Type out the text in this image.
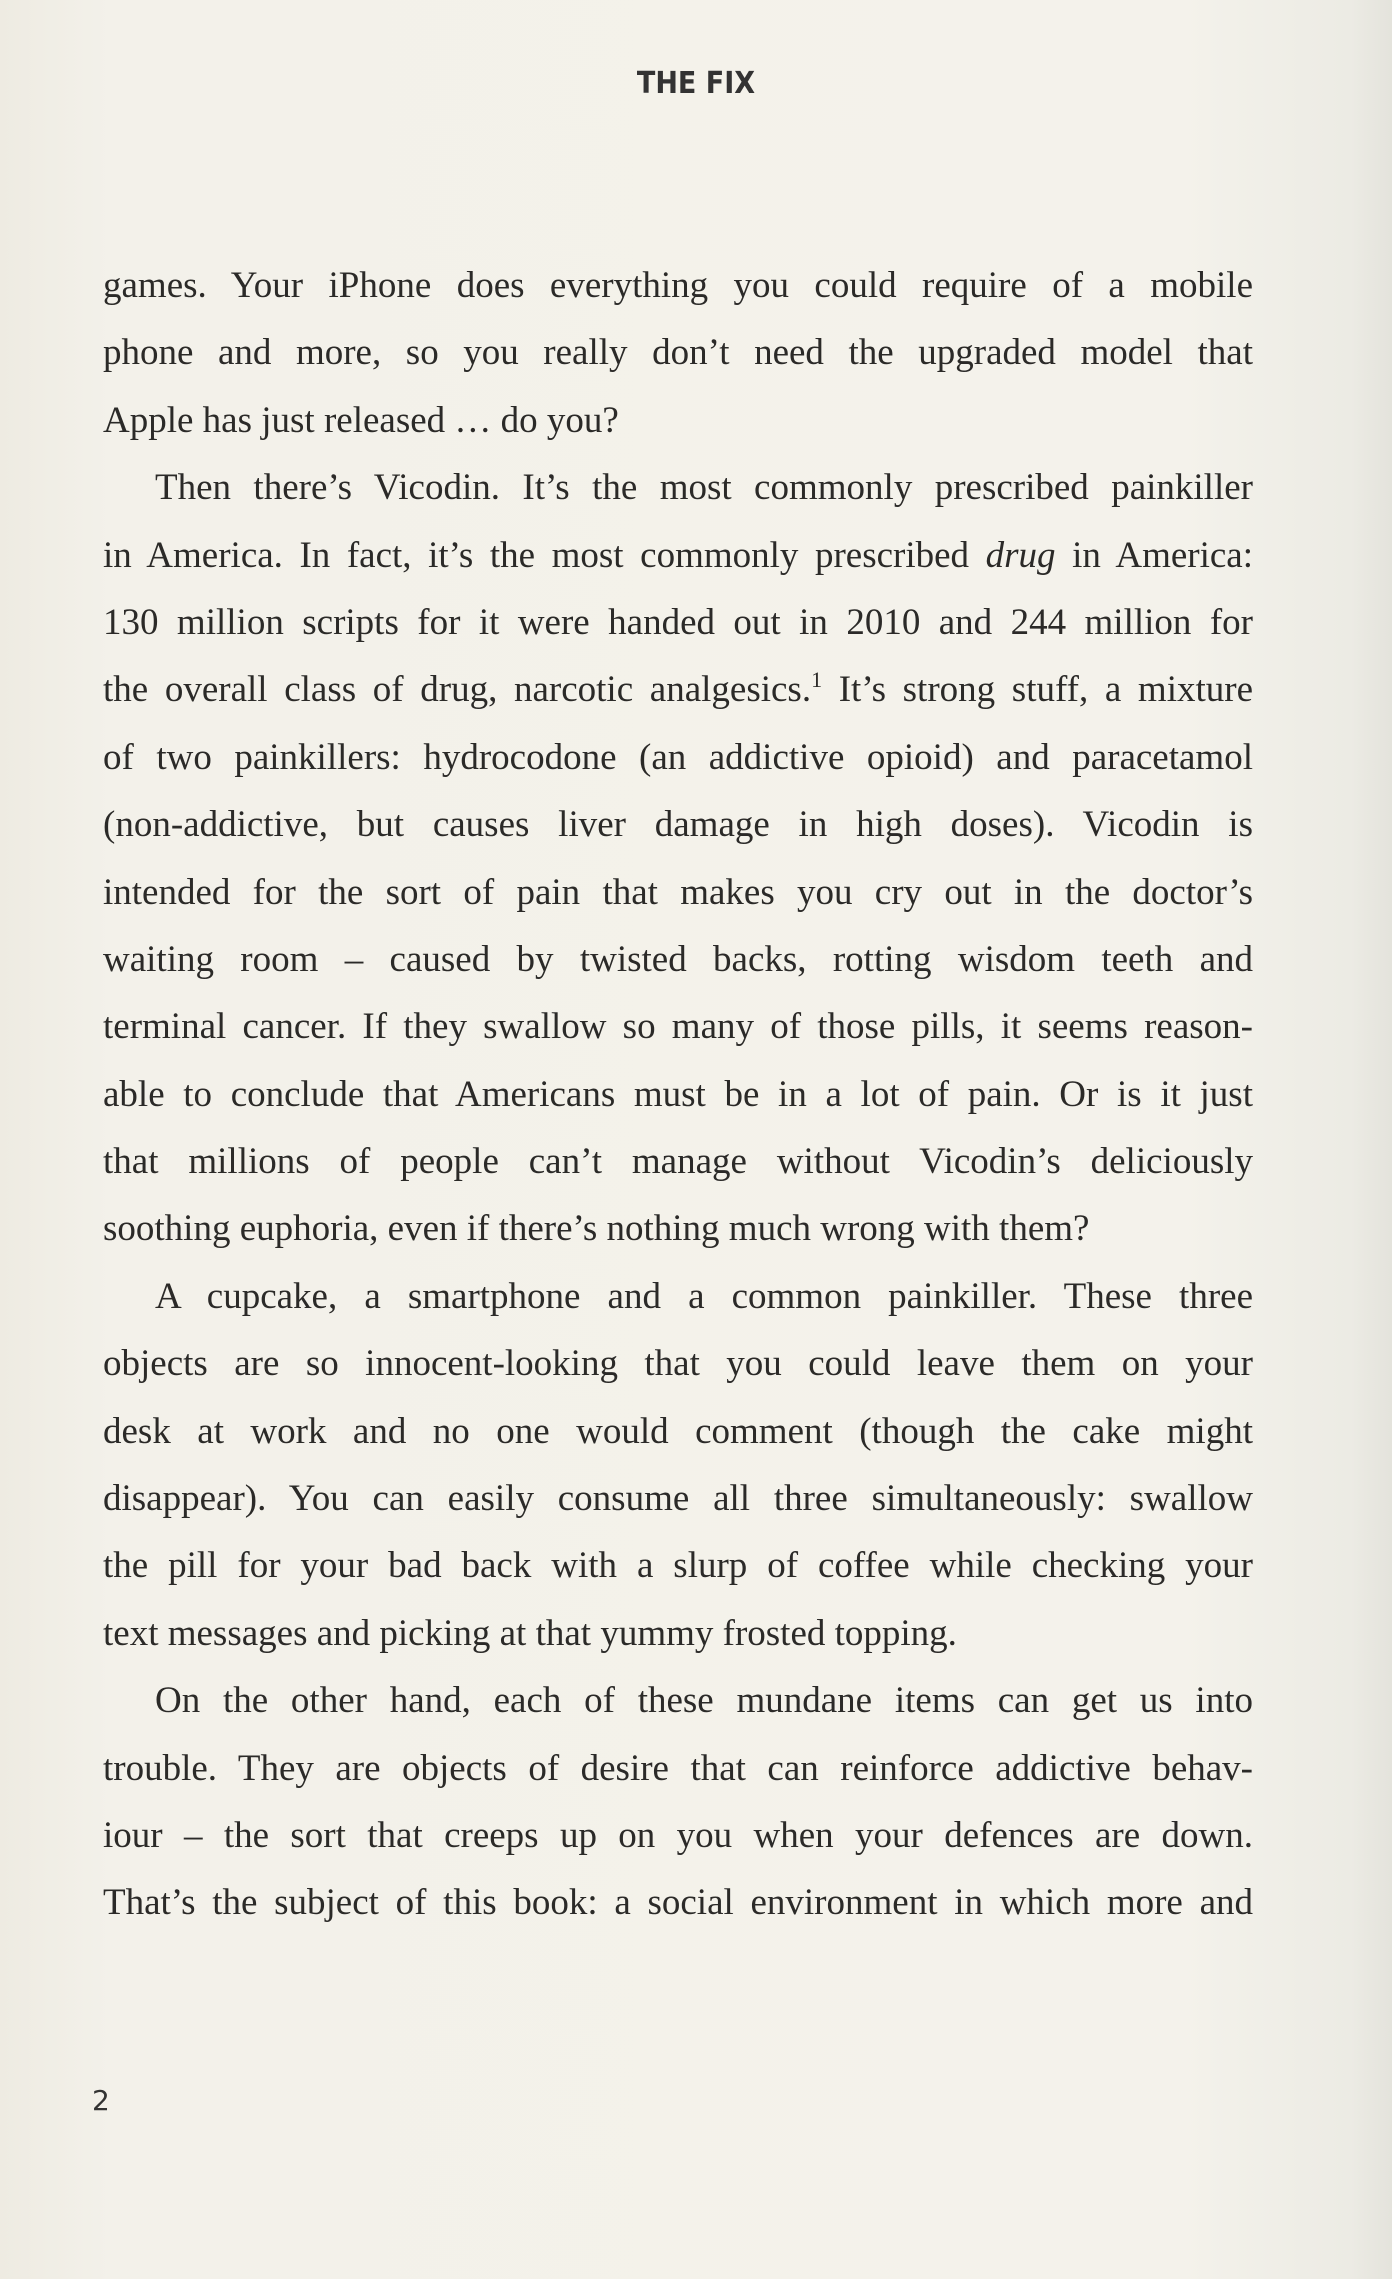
THE FIX
games. Your iPhone does everything you could require of a mobile
phone and more, so you really don’t need the upgraded model that
Apple has just released … do you?
Then there’s Vicodin. It’s the most commonly prescribed painkiller
in America. In fact, it’s the most commonly prescribed drug in America:
130 million scripts for it were handed out in 2010 and 244 million for
the overall class of drug, narcotic analgesics.$^1$ It’s strong stuff, a mixture
of two painkillers: hydrocodone (an addictive opioid) and paracetamol
(non-addictive, but causes liver damage in high doses). Vicodin is
intended for the sort of pain that makes you cry out in the doctor’s
waiting room – caused by twisted backs, rotting wisdom teeth and
terminal cancer. If they swallow so many of those pills, it seems reason-
able to conclude that Americans must be in a lot of pain. Or is it just
that millions of people can’t manage without Vicodin’s deliciously
soothing euphoria, even if there’s nothing much wrong with them?
A cupcake, a smartphone and a common painkiller. These three
objects are so innocent-looking that you could leave them on your
desk at work and no one would comment (though the cake might
disappear). You can easily consume all three simultaneously: swallow
the pill for your bad back with a slurp of coffee while checking your
text messages and picking at that yummy frosted topping.
On the other hand, each of these mundane items can get us into
trouble. They are objects of desire that can reinforce addictive behav-
iour – the sort that creeps up on you when your defences are down.
That’s the subject of this book: a social environment in which more and
2
